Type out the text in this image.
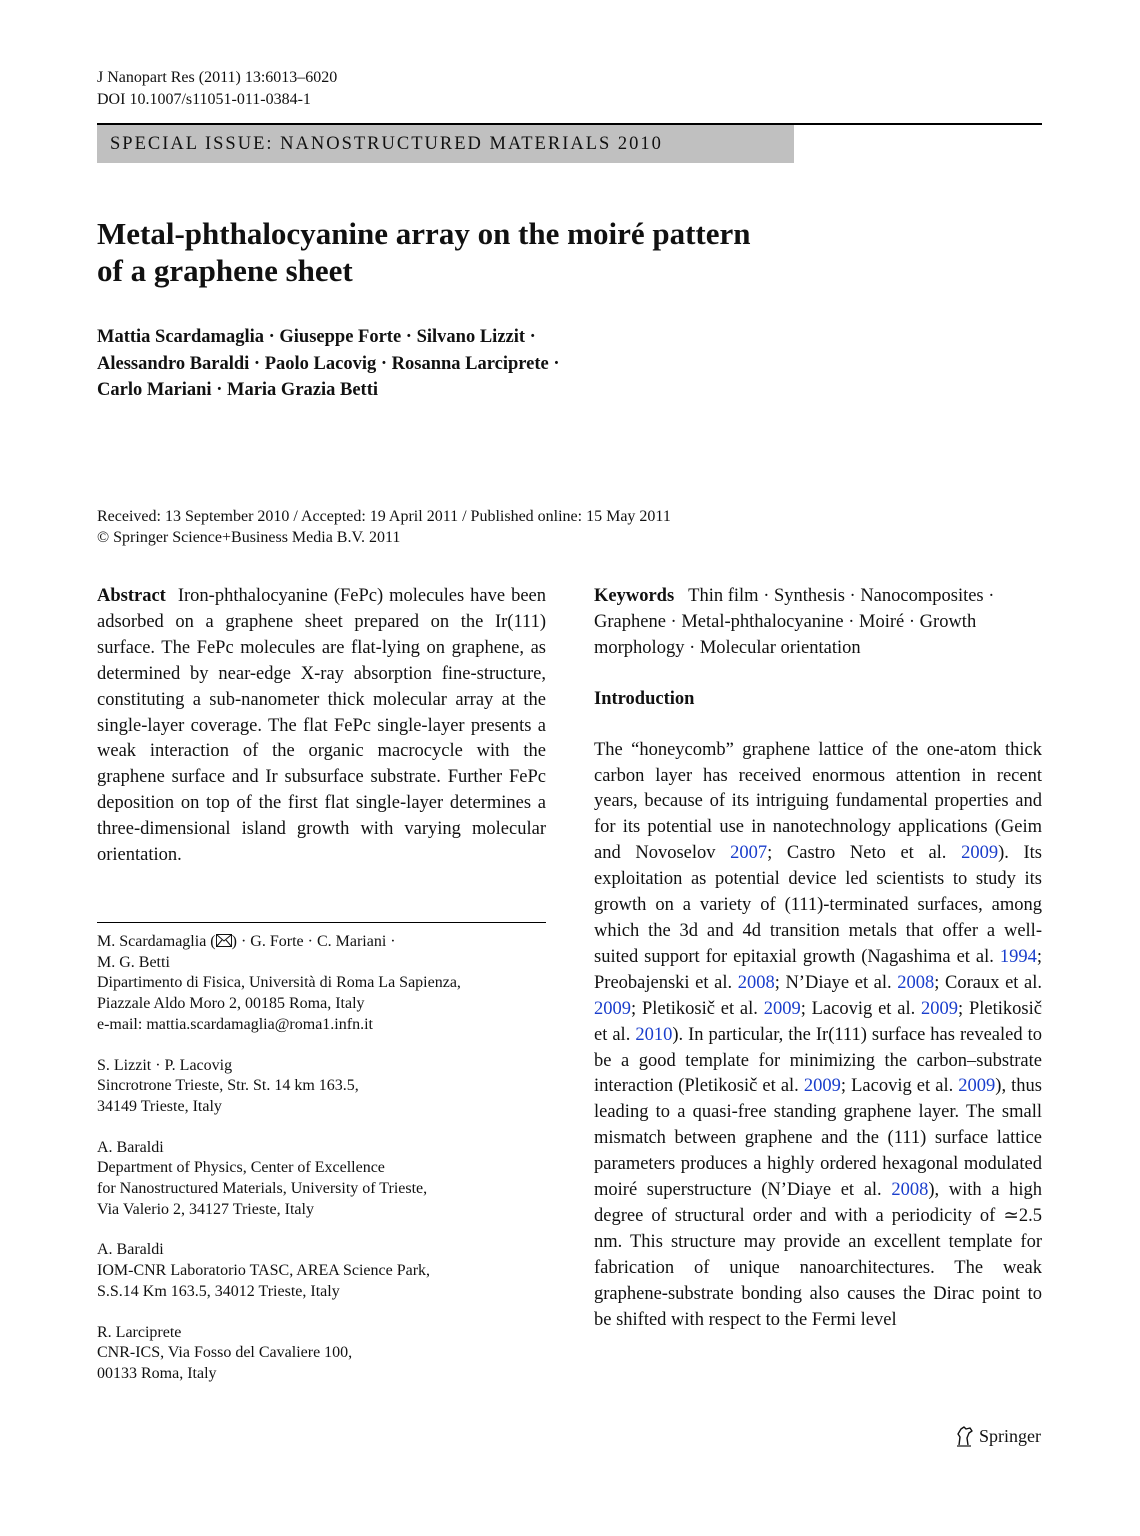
J Nanopart Res (2011) 13:6013–6020
DOI 10.1007/s11051-011-0384-1
SPECIAL ISSUE: NANOSTRUCTURED MATERIALS 2010
Metal-phthalocyanine array on the moiré pattern
of a graphene sheet
Mattia Scardamaglia · Giuseppe Forte · Silvano Lizzit ·
Alessandro Baraldi · Paolo Lacovig · Rosanna Larciprete ·
Carlo Mariani · Maria Grazia Betti
Received: 13 September 2010 / Accepted: 19 April 2011 / Published online: 15 May 2011
© Springer Science+Business Media B.V. 2011
Abstract Iron-phthalocyanine (FePc) molecules have been adsorbed on a graphene sheet prepared on the Ir(111) surface. The FePc molecules are flat-lying on graphene, as determined by near-edge X-ray absorption fine-structure, constituting a sub-nanometer thick molecular array at the single-layer coverage. The flat FePc single-layer presents a weak interaction of the organic macrocycle with the graphene surface and Ir subsurface substrate. Further FePc deposition on top of the first flat single-layer determines a three-dimensional island growth with varying molecular orientation.
M. Scardamaglia ( ) · G. Forte · C. Mariani ·
M. G. Betti
Dipartimento di Fisica, Università di Roma La Sapienza,
Piazzale Aldo Moro 2, 00185 Roma, Italy
e-mail: mattia.scardamaglia@roma1.infn.it
S. Lizzit · P. Lacovig
Sincrotrone Trieste, Str. St. 14 km 163.5,
34149 Trieste, Italy
A. Baraldi
Department of Physics, Center of Excellence
for Nanostructured Materials, University of Trieste,
Via Valerio 2, 34127 Trieste, Italy
A. Baraldi
IOM-CNR Laboratorio TASC, AREA Science Park,
S.S.14 Km 163.5, 34012 Trieste, Italy
R. Larciprete
CNR-ICS, Via Fosso del Cavaliere 100,
00133 Roma, Italy
Keywords Thin film · Synthesis · Nanocomposites · Graphene · Metal-phthalocyanine · Moiré · Growth morphology · Molecular orientation
Introduction
The “honeycomb” graphene lattice of the one-atom thick carbon layer has received enormous attention in recent years, because of its intriguing fundamental properties and for its potential use in nanotechnology applications (Geim and Novoselov 2007; Castro Neto et al. 2009). Its exploitation as potential device led scientists to study its growth on a variety of (111)-terminated surfaces, among which the 3d and 4d transition metals that offer a well-suited support for epitaxial growth (Nagashima et al. 1994; Preobajenski et al. 2008; N’Diaye et al. 2008; Coraux et al. 2009; Pletikosič et al. 2009; Lacovig et al. 2009; Pletikosič et al. 2010). In particular, the Ir(111) surface has revealed to be a good template for minimizing the carbon–substrate interaction (Pletikosič et al. 2009; Lacovig et al. 2009), thus leading to a quasi-free standing graphene layer. The small mismatch between graphene and the (111) surface lattice parameters produces a highly ordered hexagonal modulated moiré superstructure (N’Diaye et al. 2008), with a high degree of structural order and with a periodicity of ≃2.5 nm. This structure may provide an excellent template for fabrication of unique nanoarchitectures. The weak graphene-substrate bonding also causes the Dirac point to be shifted with respect to the Fermi level
Springer
